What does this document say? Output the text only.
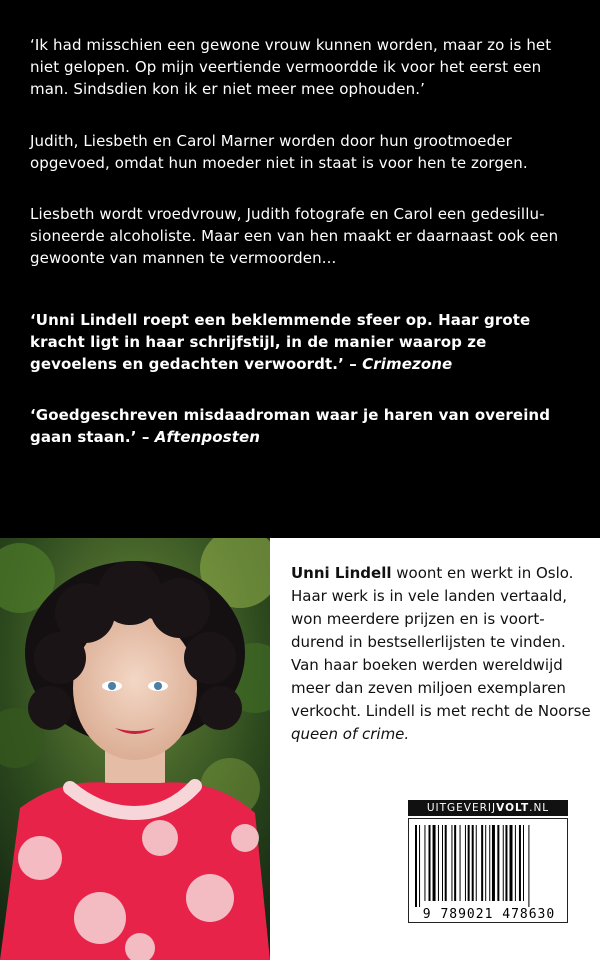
‘Ik had misschien een gewone vrouw kunnen worden, maar zo is het niet gelopen. Op mijn veertiende vermoordde ik voor het eerst een man. Sindsdien kon ik er niet meer mee ophouden.’

Judith, Liesbeth en Carol Marner worden door hun grootmoeder opgevoed, omdat hun moeder niet in staat is voor hen te zorgen.

Liesbeth wordt vroedvrouw, Judith fotografe en Carol een gedesillu- sioneerde alcoholiste. Maar een van hen maakt er daarnaast ook een gewoonte van mannen te vermoorden...

‘Unni Lindell roept een beklemmende sfeer op. Haar grote kracht ligt in haar schrijfstijl, in de manier waarop ze gevoelens en gedachten verwoordt.’ – Crimezone

‘Goedgeschreven misdaadroman waar je haren van overeind gaan staan.’ – Aftenposten

Unni Lindell woont en werkt in Oslo. Haar werk is in vele landen vertaald, won meerdere prijzen en is voort- durend in bestsellerlijsten te vinden. Van haar boeken werden wereldwijd meer dan zeven miljoen exemplaren verkocht. Lindell is met recht de Noorse queen of crime.

UITGEVERIJVOLT.NL
9 789021 478630
